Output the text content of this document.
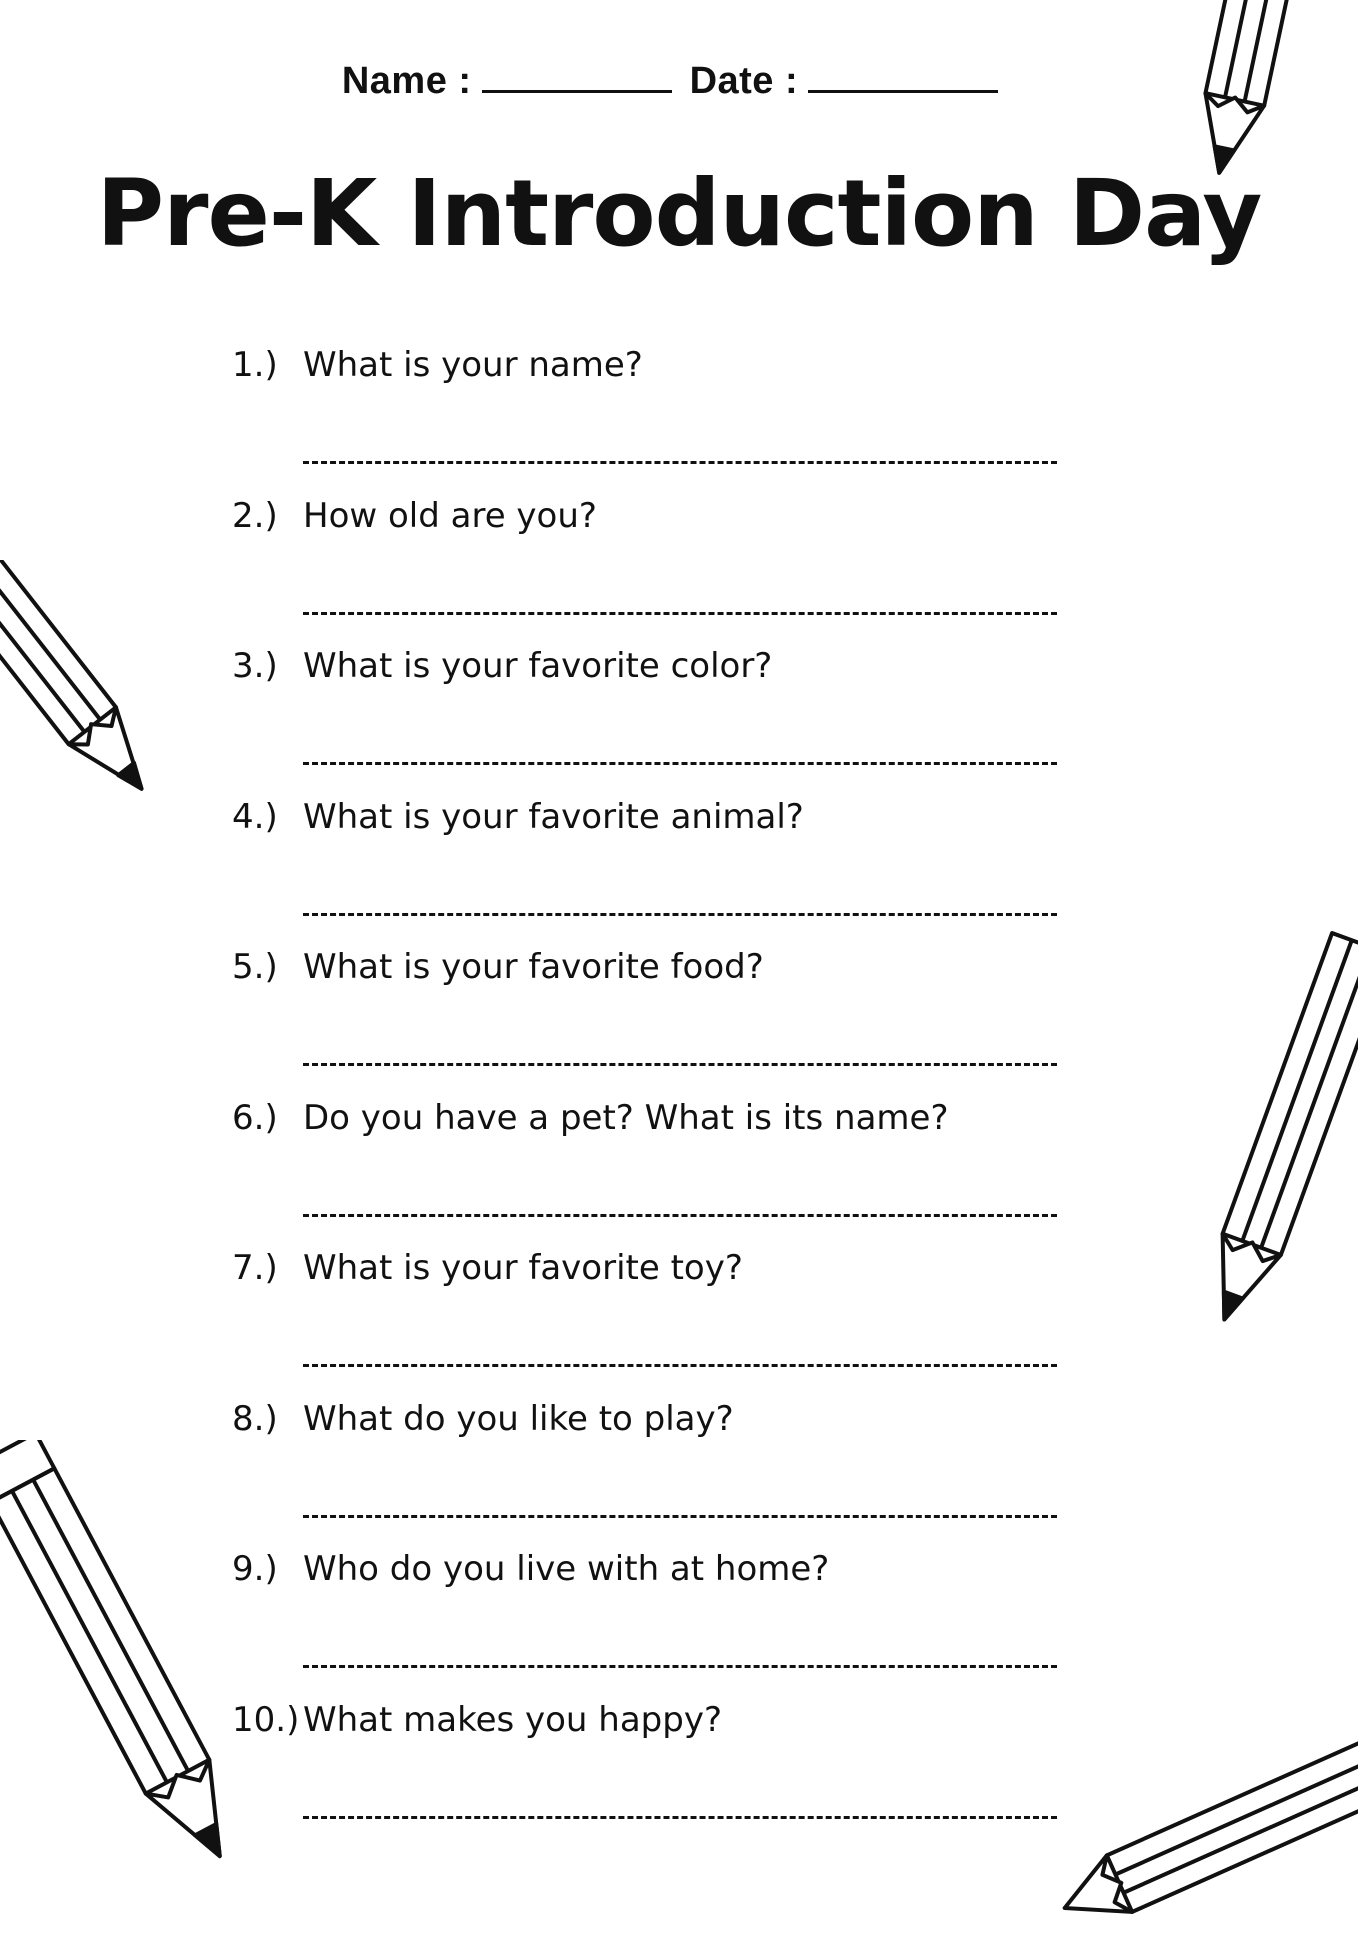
Name :	Date :
Pre-K Introduction Day
1.) What is your name?
2.) How old are you?
3.) What is your favorite color?
4.) What is your favorite animal?
5.) What is your favorite food?
6.) Do you have a pet? What is its name?
7.) What is your favorite toy?
8.) What do you like to play?
9.) Who do you live with at home?
10.) What makes you happy?
